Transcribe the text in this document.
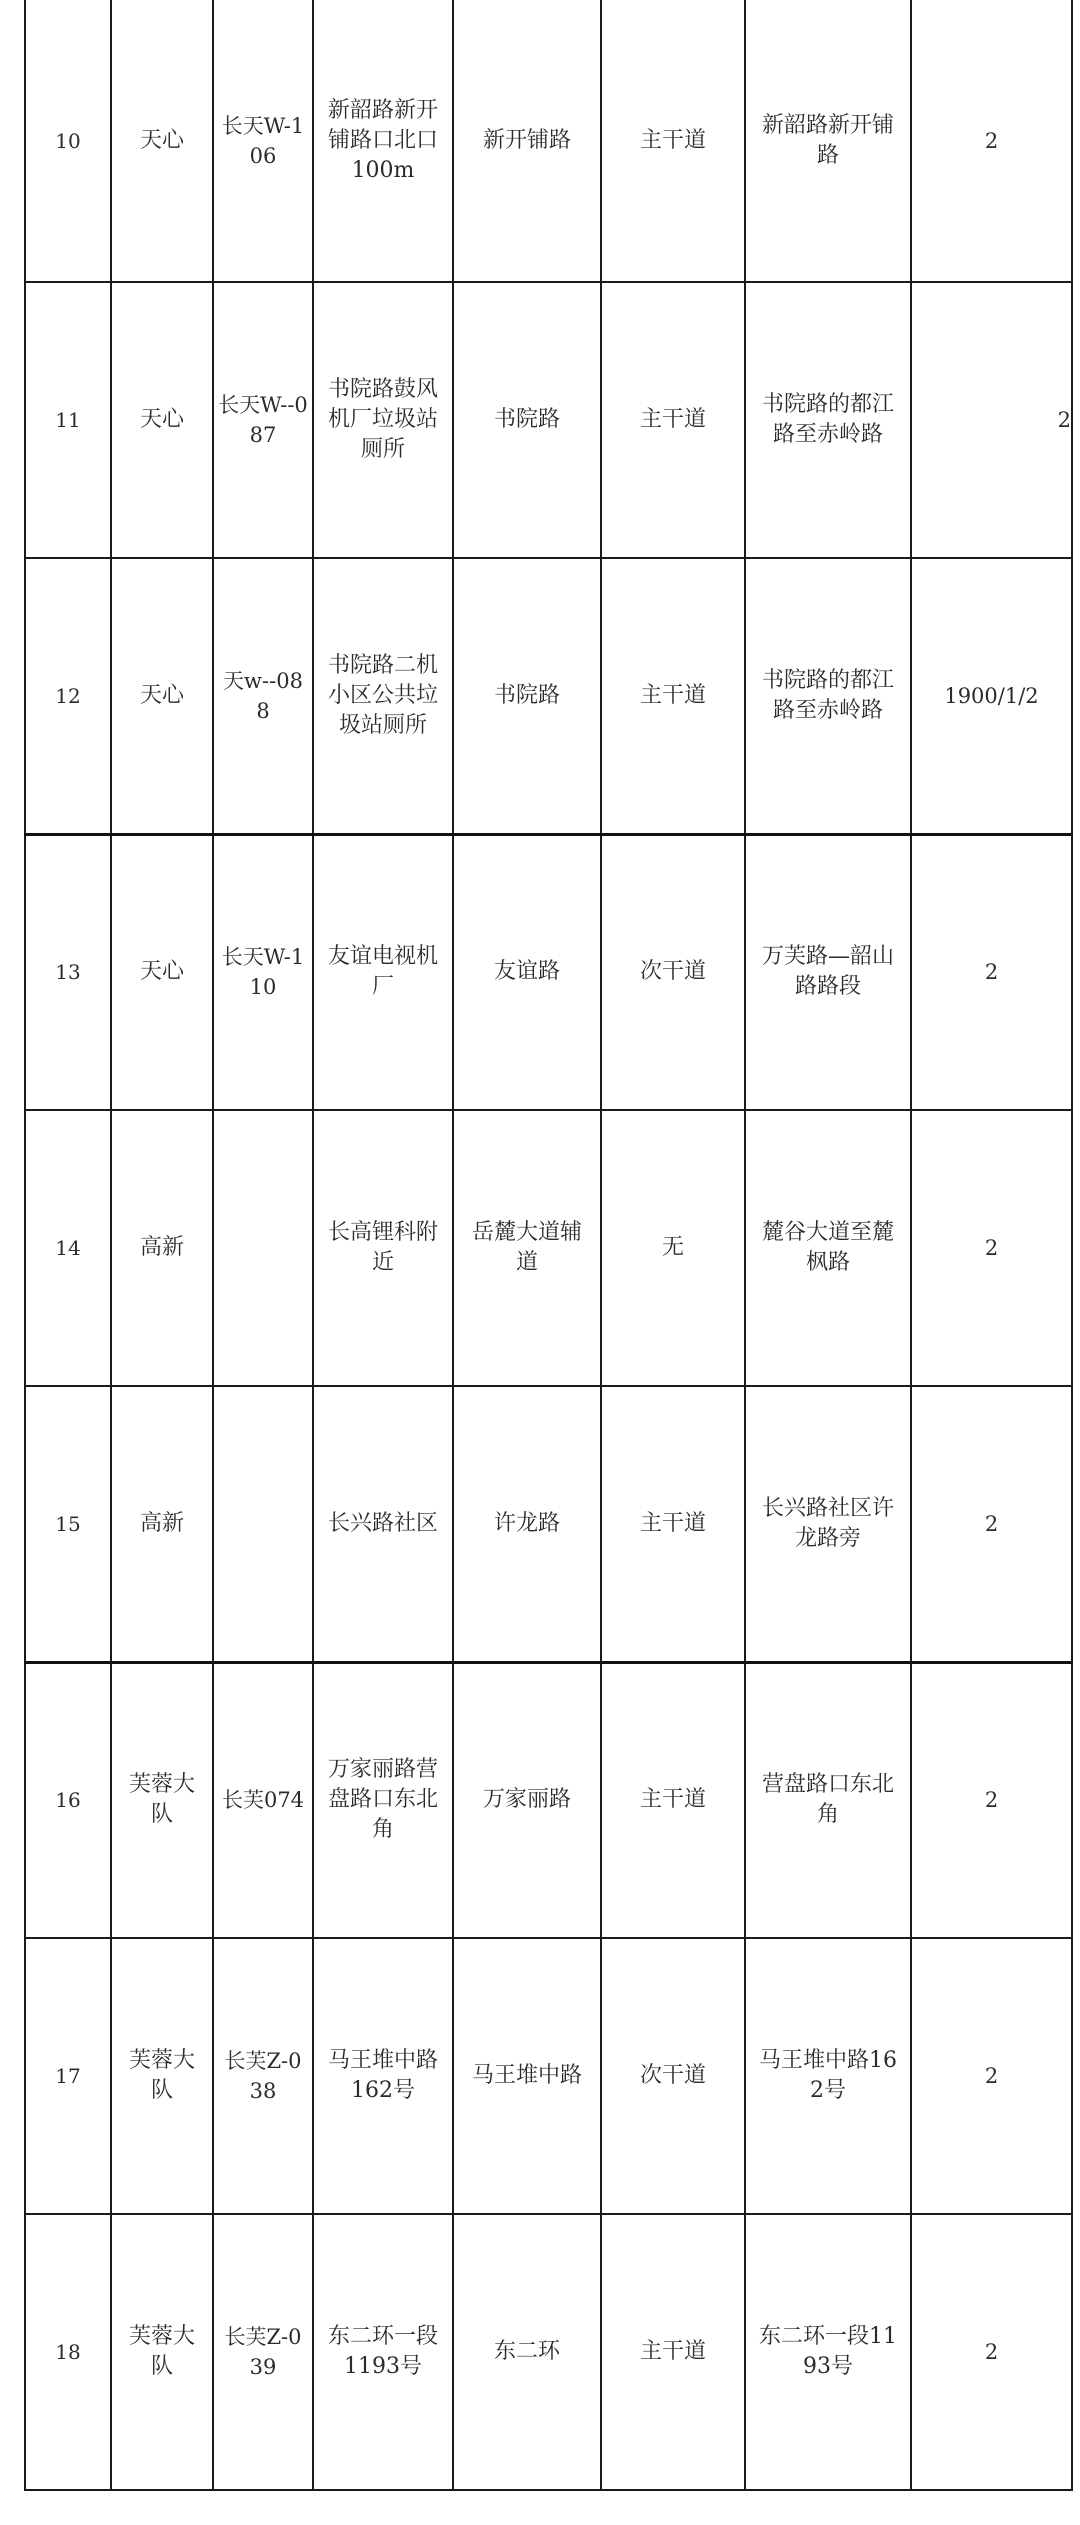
10	天心	长天W-106	新韶路新开铺路口北口100m	新开铺路	主干道	新韶路新开铺路	2
11	天心	长天W--087	书院路鼓风机厂垃圾站厕所	书院路	主干道	书院路的都江路至赤岭路	2
12	天心	天w--088	书院路二机小区公共垃圾站厕所	书院路	主干道	书院路的都江路至赤岭路	1900/1/2
13	天心	长天W-110	友谊电视机厂	友谊路	次干道	万芙路—韶山路路段	2
14	高新		长高锂科附近	岳麓大道辅道	无	麓谷大道至麓枫路	2
15	高新		长兴路社区	许龙路	主干道	长兴路社区许龙路旁	2
16	芙蓉大队	长芙074	万家丽路营盘路口东北角	万家丽路	主干道	营盘路口东北角	2
17	芙蓉大队	长芙Z-038	马王堆中路162号	马王堆中路	次干道	马王堆中路162号	2
18	芙蓉大队	长芙Z-039	东二环一段1193号	东二环	主干道	东二环一段1193号	2
